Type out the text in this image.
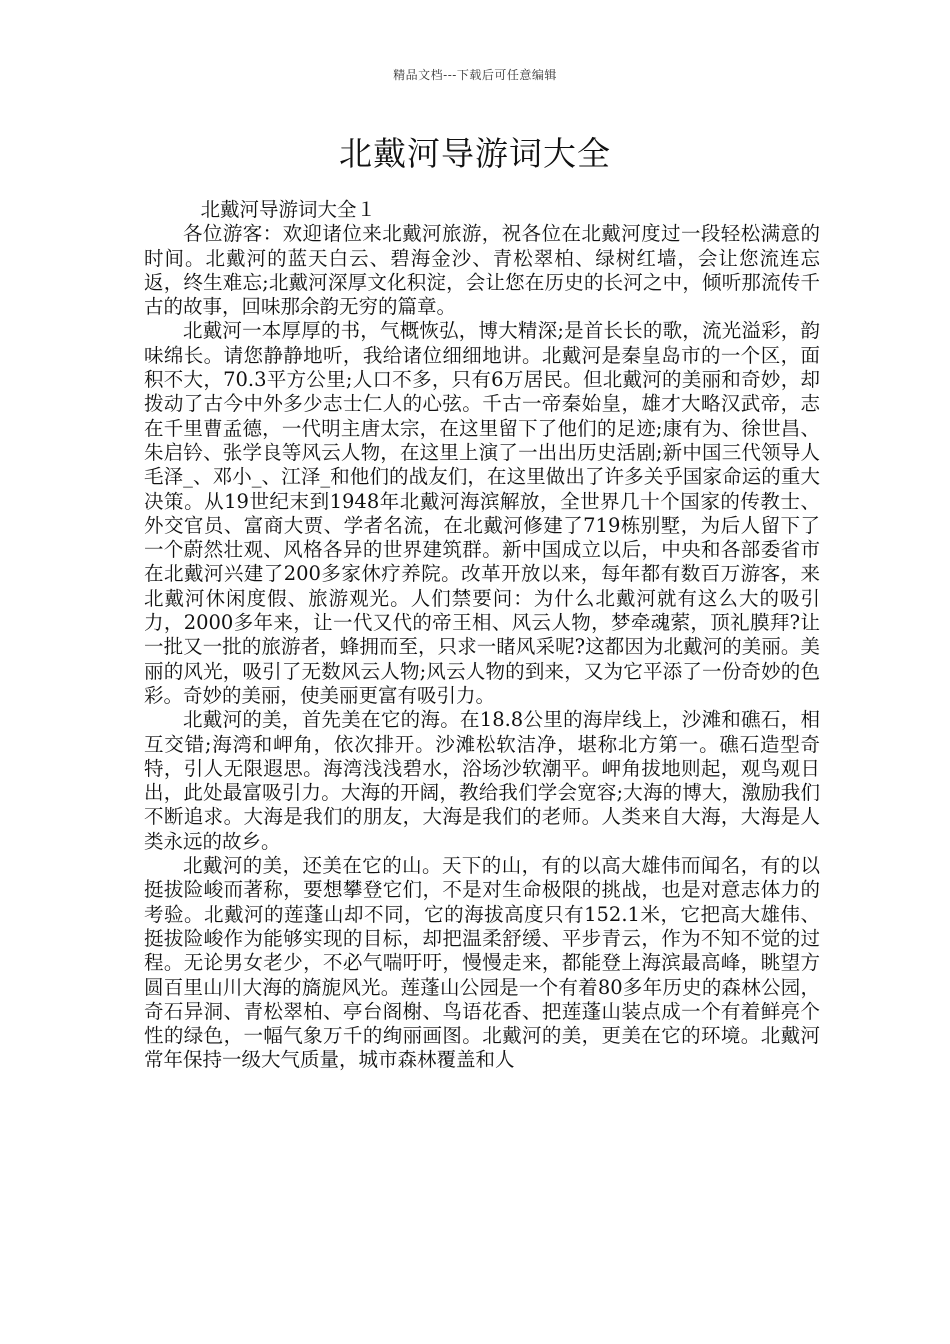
精品文档---下载后可任意编辑
北戴河导游词大全

北戴河导游词大全１

各位游客：欢迎诸位来北戴河旅游，祝各位在北戴河度过一段轻松满意的时间。北戴河的蓝天白云、碧海金沙、青松翠柏、绿树红墙，会让您流连忘返，终生难忘;北戴河深厚文化积淀，会让您在历史的长河之中，倾听那流传千古的故事，回味那余韵无穷的篇章。

北戴河一本厚厚的书，气概恢弘，博大精深;是首长长的歌，流光溢彩，韵味绵长。请您静静地听，我给诸位细细地讲。北戴河是秦皇岛市的一个区，面积不大，70.3平方公里;人口不多，只有6万居民。但北戴河的美丽和奇妙，却拨动了古今中外多少志士仁人的心弦。千古一帝秦始皇，雄才大略汉武帝，志在千里曹孟德，一代明主唐太宗，在这里留下了他们的足迹;康有为、徐世昌、朱启钤、张学良等风云人物，在这里上演了一出出历史活剧;新中国三代领导人毛泽_、邓小_、江泽_和他们的战友们，在这里做出了许多关乎国家命运的重大决策。从19世纪末到1948年北戴河海滨解放，全世界几十个国家的传教士、外交官员、富商大贾、学者名流，在北戴河修建了719栋别墅，为后人留下了一个蔚然壮观、风格各异的世界建筑群。新中国成立以后，中央和各部委省市在北戴河兴建了200多家休疗养院。改革开放以来，每年都有数百万游客，来北戴河休闲度假、旅游观光。人们禁要问：为什么北戴河就有这么大的吸引力，2000多年来，让一代又代的帝王相、风云人物，梦牵魂萦，顶礼膜拜?让一批又一批的旅游者，蜂拥而至，只求一睹风采呢?这都因为北戴河的美丽。美丽的风光，吸引了无数风云人物;风云人物的到来，又为它平添了一份奇妙的色彩。奇妙的美丽，使美丽更富有吸引力。

北戴河的美，首先美在它的海。在18.8公里的海岸线上，沙滩和礁石，相互交错;海湾和岬角，依次排开。沙滩松软洁净，堪称北方第一。礁石造型奇特，引人无限遐思。海湾浅浅碧水，浴场沙软潮平。岬角拔地则起，观鸟观日出，此处最富吸引力。大海的开阔，教给我们学会宽容;大海的博大，激励我们不断追求。大海是我们的朋友，大海是我们的老师。人类来自大海，大海是人类永远的故乡。

北戴河的美，还美在它的山。天下的山，有的以高大雄伟而闻名，有的以挺拔险峻而著称，要想攀登它们，不是对生命极限的挑战，也是对意志体力的考验。北戴河的莲蓬山却不同，它的海拔高度只有152.1米，它把高大雄伟、挺拔险峻作为能够实现的目标，却把温柔舒缓、平步青云，作为不知不觉的过程。无论男女老少，不必气喘吁吁，慢慢走来，都能登上海滨最高峰，眺望方圆百里山川大海的旖旎风光。莲蓬山公园是一个有着80多年历史的森林公园，奇石异洞、青松翠柏、亭台阁榭、鸟语花香、把莲蓬山装点成一个有着鲜亮个性的绿色，一幅气象万千的绚丽画图。北戴河的美，更美在它的环境。北戴河常年保持一级大气质量，城市森林覆盖和人
